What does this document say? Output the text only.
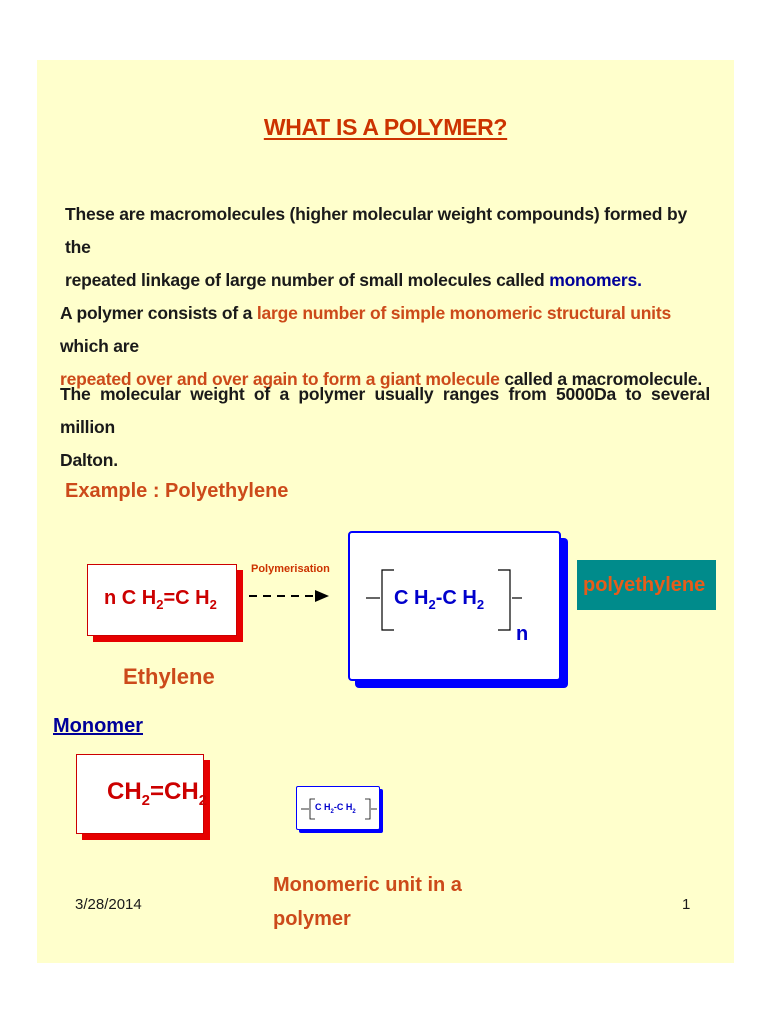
WHAT IS A POLYMER?
These are macromolecules (higher molecular weight compounds) formed by the
repeated linkage of large number of small molecules called monomers.
A polymer consists of a large number of simple monomeric structural units which are
repeated over and over again to form a giant molecule called a macromolecule.
The molecular weight of a polymer usually ranges from 5000Da to several million
Dalton.
Example : Polyethylene
n C $H_2=C$ $H_2$
Polymerisation
C $H_2-C$ $H_2$
n
polyethylene
Ethylene
Monomer
$CH_2=CH_2$	C $H_2-C$ $H_2$
Monomeric unit in a
polymer
3/28/2014	1
